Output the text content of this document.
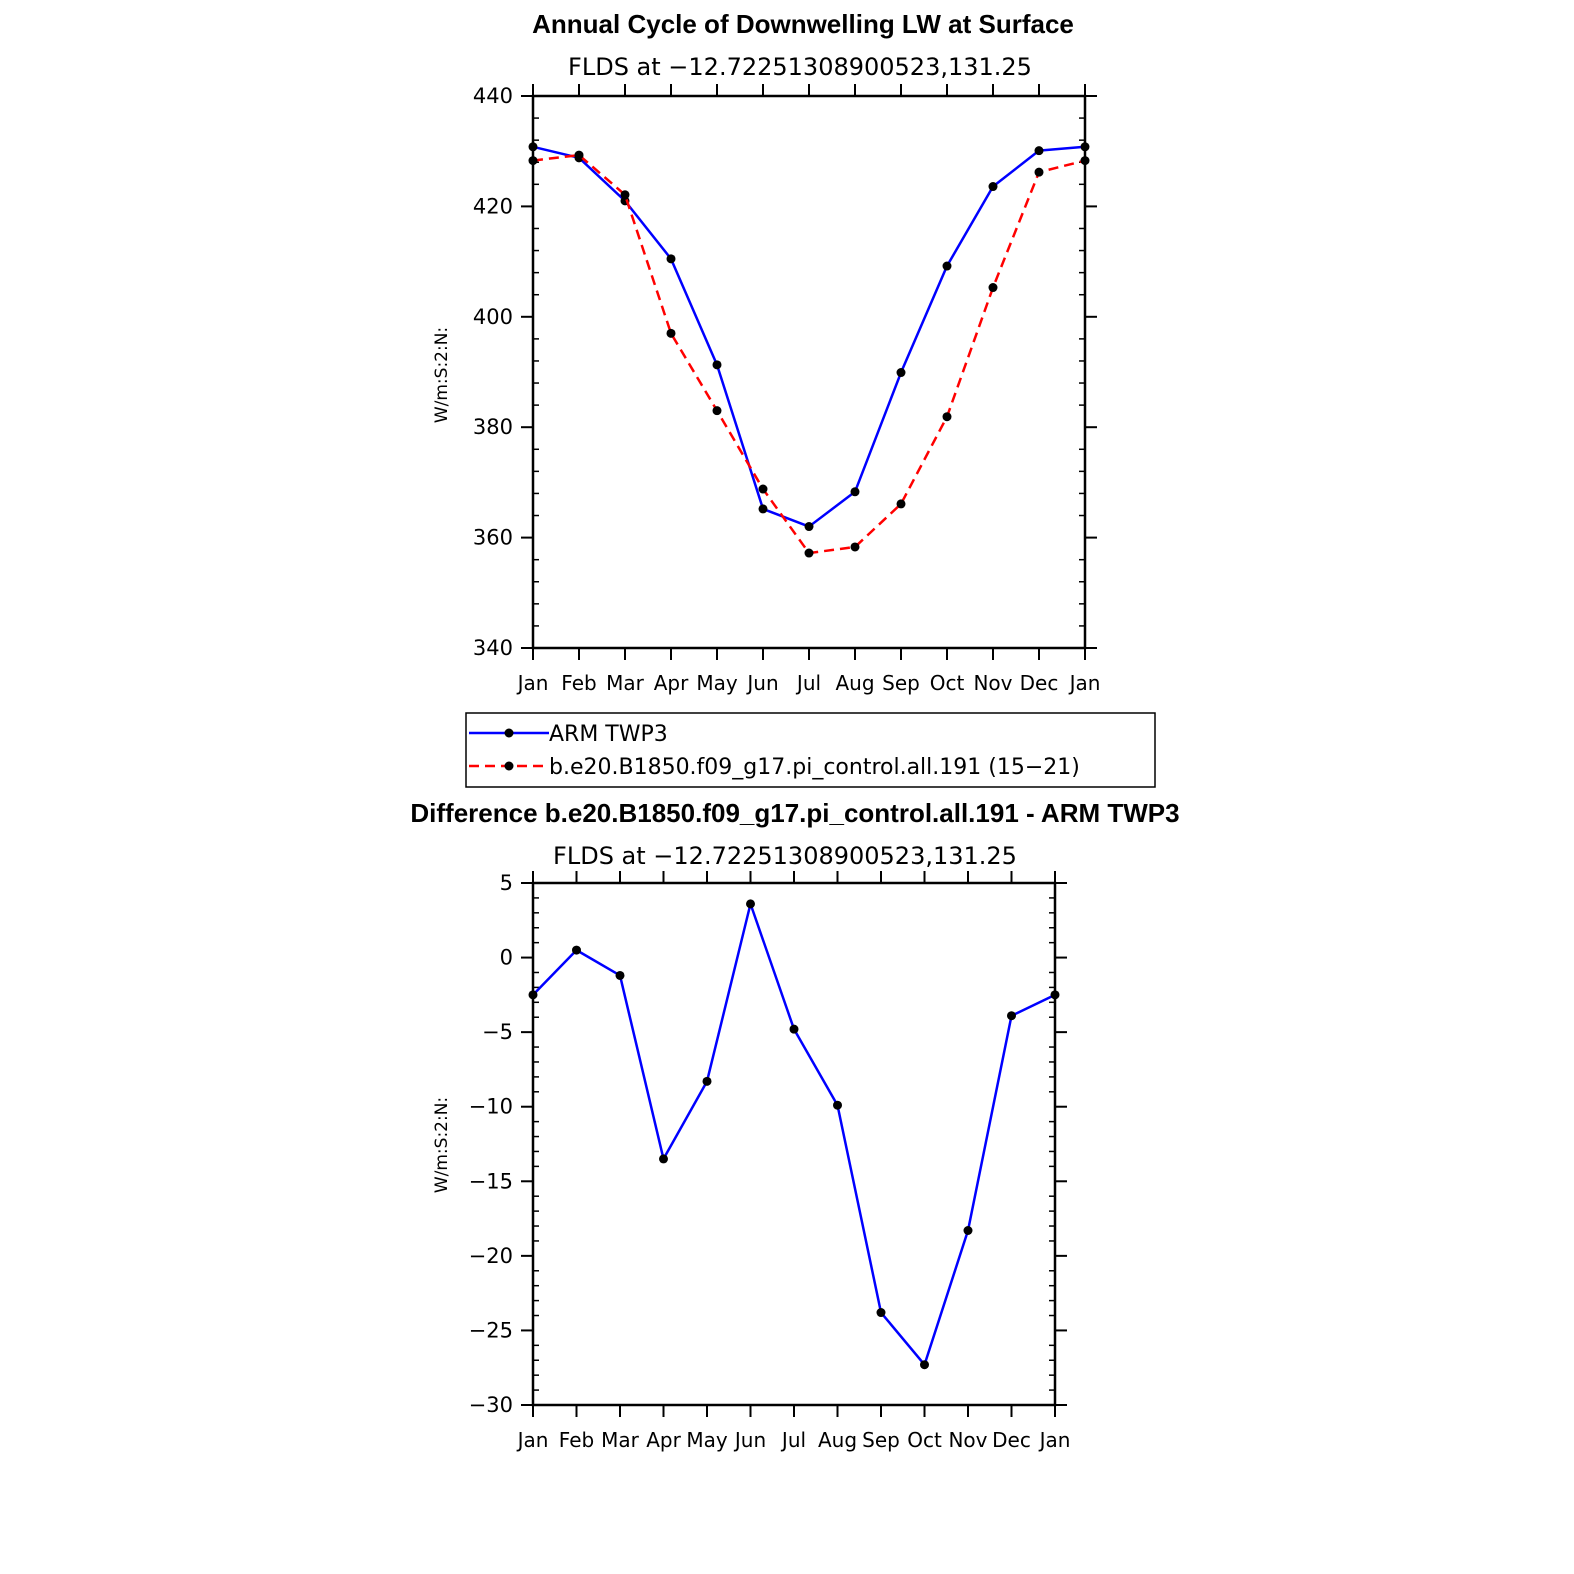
Annual Cycle of Downwelling LW at Surface
FLDS at −12.72251308900523,131.25
W/m:S:2:N:
Jan Feb Mar Apr May Jun Jul Aug Sep Oct Nov Dec Jan
340
360
380
400
420
440
ARM TWP3
b.e20.B1850.f09_g17.pi_control.all.191 (15−21)
Difference b.e20.B1850.f09_g17.pi_control.all.191 - ARM TWP3
FLDS at −12.72251308900523,131.25
W/m:S:2:N:
Jan Feb Mar Apr May Jun Jul Aug Sep Oct Nov Dec Jan
−30
−25
−20
−15
−10
−5
0
5
